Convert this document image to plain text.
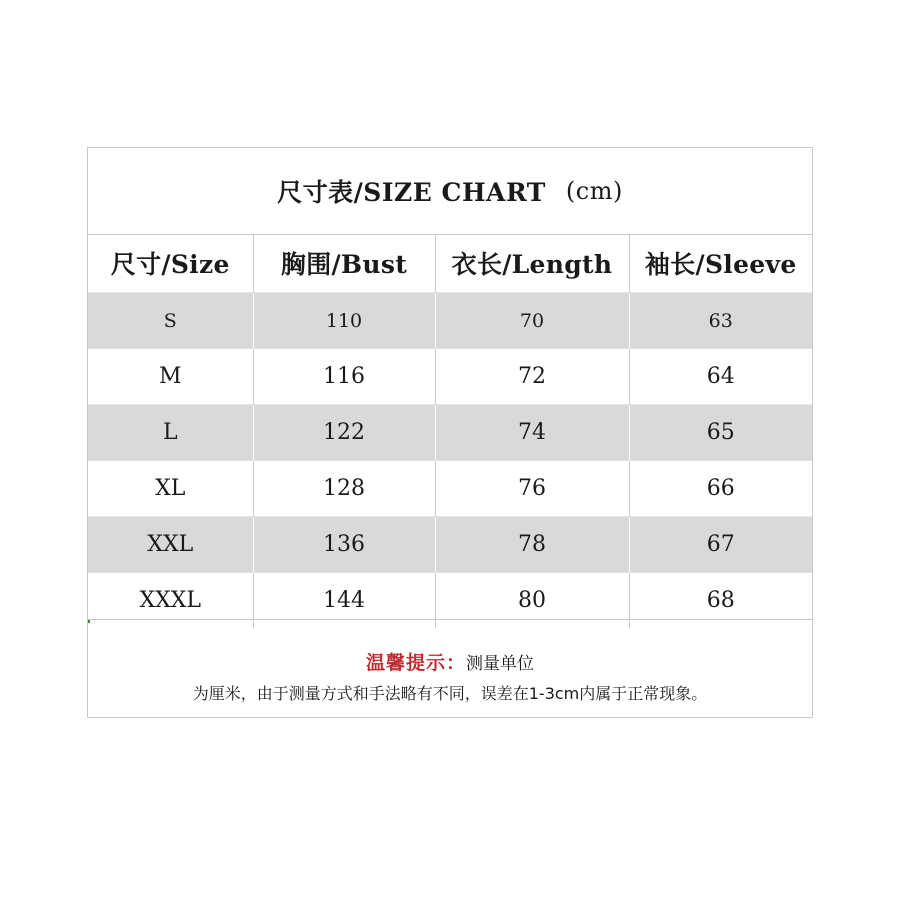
尺寸表/SIZE CHART (cm)
尺寸/Size	胸围/Bust	衣长/Length	袖长/Sleeve
S	110	70	63
M	116	72	64
L	122	74	65
XL	128	76	66
XXL	136	78	67
XXXL	144	80	68
温馨提示：测量单位
为厘米，由于测量方式和手法略有不同，误差在1-3cm内属于正常现象。
